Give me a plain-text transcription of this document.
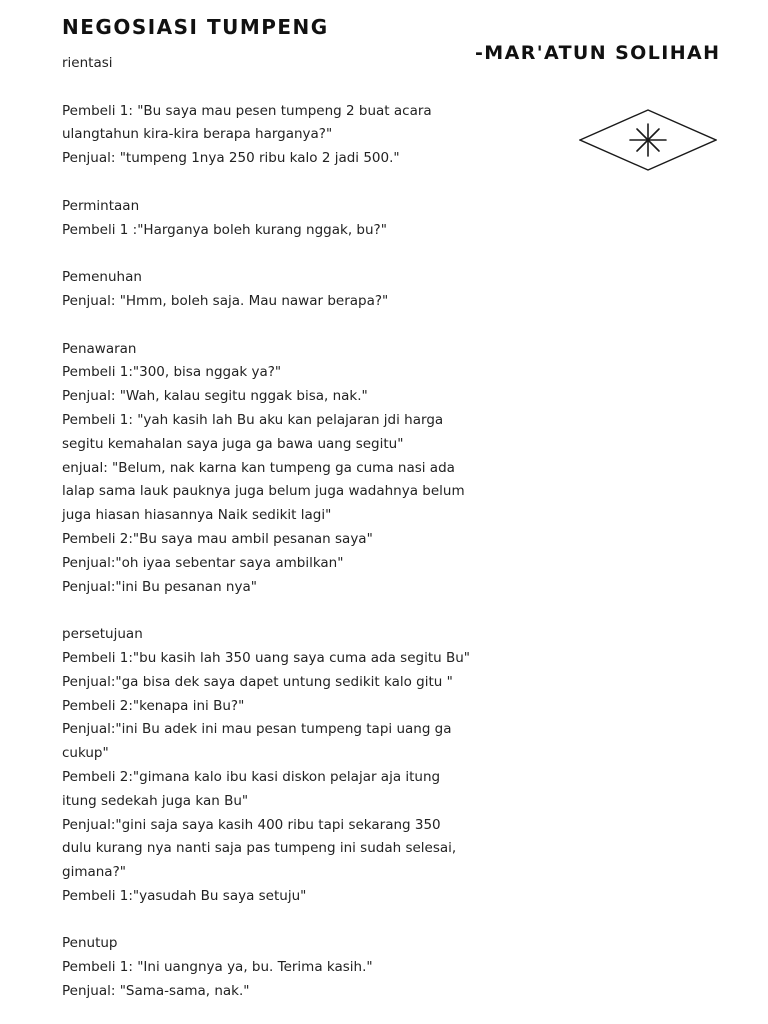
NEGOSIASI TUMPENG
-MAR'ATUN SOLIHAH
rientasi
Pembeli 1: "Bu saya mau pesen tumpeng 2 buat acara
ulangtahun kira-kira berapa harganya?"
Penjual: "tumpeng 1nya 250 ribu kalo 2 jadi 500."
Permintaan
Pembeli 1 :"Harganya boleh kurang nggak, bu?"
Pemenuhan
Penjual: "Hmm, boleh saja. Mau nawar berapa?"
Penawaran
Pembeli 1:"300, bisa nggak ya?"
Penjual: "Wah, kalau segitu nggak bisa, nak."
Pembeli 1: "yah kasih lah Bu aku kan pelajaran jdi harga
segitu kemahalan saya juga ga bawa uang segitu"
enjual: "Belum, nak karna kan tumpeng ga cuma nasi ada
lalap sama lauk pauknya juga belum juga wadahnya belum
juga hiasan hiasannya Naik sedikit lagi"
Pembeli 2:"Bu saya mau ambil pesanan saya"
Penjual:"oh iyaa sebentar saya ambilkan"
Penjual:"ini Bu pesanan nya"
persetujuan
Pembeli 1:"bu kasih lah 350 uang saya cuma ada segitu Bu"
Penjual:"ga bisa dek saya dapet untung sedikit kalo gitu "
Pembeli 2:"kenapa ini Bu?"
Penjual:"ini Bu adek ini mau pesan tumpeng tapi uang ga
cukup"
Pembeli 2:"gimana kalo ibu kasi diskon pelajar aja itung
itung sedekah juga kan Bu"
Penjual:"gini saja saya kasih 400 ribu tapi sekarang 350
dulu kurang nya nanti saja pas tumpeng ini sudah selesai,
gimana?"
Pembeli 1:"yasudah Bu saya setuju"
Penutup
Pembeli 1: "Ini uangnya ya, bu. Terima kasih."
Penjual: "Sama-sama, nak."
